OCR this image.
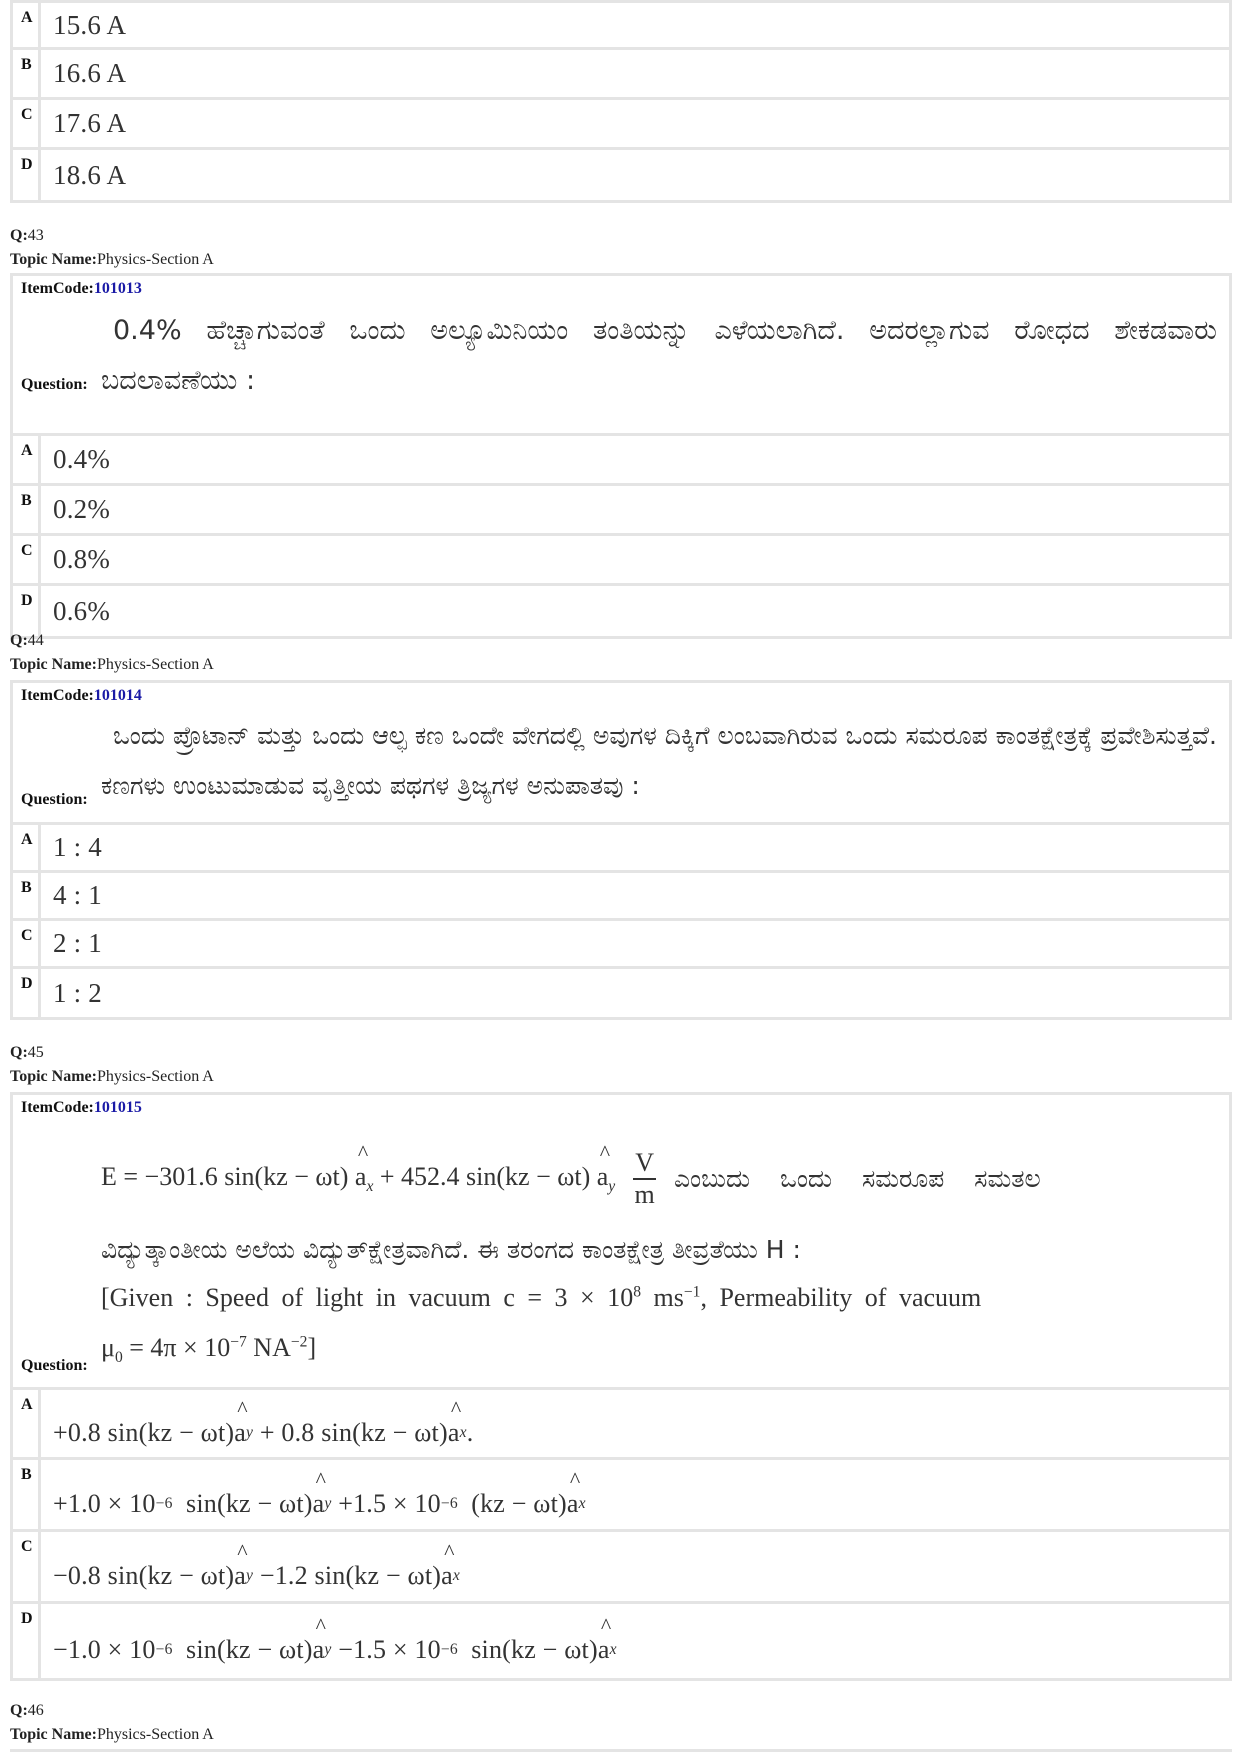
A 15.6 A
B 16.6 A
C 17.6 A
D 18.6 A
Q:43
Topic Name:Physics-Section A
ItemCode:101013
0.4% ಹೆಚ್ಚಾಗುವಂತೆ ಒಂದು ಅಲ್ಯೂಮಿನಿಯಂ ತಂತಿಯನ್ನು ಎಳೆಯಲಾಗಿದೆ. ಅದರಲ್ಲಾಗುವ ರೋಧದ ಶೇಕಡವಾರು ಬದಲಾವಣೆಯು :
Question:
A 0.4%
B 0.2%
C 0.8%
D 0.6%
Q:44
Topic Name:Physics-Section A
ItemCode:101014
ಒಂದು ಪ್ರೊಟಾನ್ ಮತ್ತು ಒಂದು ಆಲ್ಫ ಕಣ ಒಂದೇ ವೇಗದಲ್ಲಿ ಅವುಗಳ ದಿಕ್ಕಿಗೆ ಲಂಬವಾಗಿರುವ ಒಂದು ಸಮರೂಪ ಕಾಂತಕ್ಷೇತ್ರಕ್ಕೆ ಪ್ರವೇಶಿಸುತ್ತವೆ. ಕಣಗಳು ಉಂಟುಮಾಡುವ ವೃತ್ತೀಯ ಪಥಗಳ ತ್ರಿಜ್ಯಗಳ ಅನುಪಾತವು :
Question:
A 1 : 4
B 4 : 1
C 2 : 1
D 1 : 2
Q:45
Topic Name:Physics-Section A
ItemCode:101015
E = −301.6 sin(kz − ωt) ^ $a_x + 452.4$ sin(kz − ωt) ^ $a_y \frac{V}{m}$ ಎಂಬುದು ಒಂದು ಸಮರೂಪ ಸಮತಲ
ವಿದ್ಯುತ್ಕಾಂತೀಯ ಅಲೆಯ ವಿದ್ಯುತ್‌ಕ್ಷೇತ್ರವಾಗಿದೆ. ಈ ತರಂಗದ ಕಾಂತಕ್ಷೇತ್ರ ತೀವ್ರತೆಯು H :
[Given : Speed of light in vacuum $c = 3 \times 10^8$ $ms^{-1}$, Permeability of vacuum
$\mu_0 = 4\pi \times 10^{-7}$ $NA^{-2}$]
Question:
A
+0.8 sin(kz − ωt) ^ a y + 0.8 sin(kz − ωt) ^ a x .
B
+1.0 × 10 −6 sin(kz − ωt) ^ a y +1.5 × 10 −6 (kz − ωt) ^ a x
C
−0.8 sin(kz − ωt) ^ a y −1.2 sin(kz − ωt) ^ a x
D
−1.0 × 10 −6 sin(kz − ωt) ^ a y −1.5 × 10 −6 sin(kz − ωt) ^ a x
Q:46
Topic Name:Physics-Section A
